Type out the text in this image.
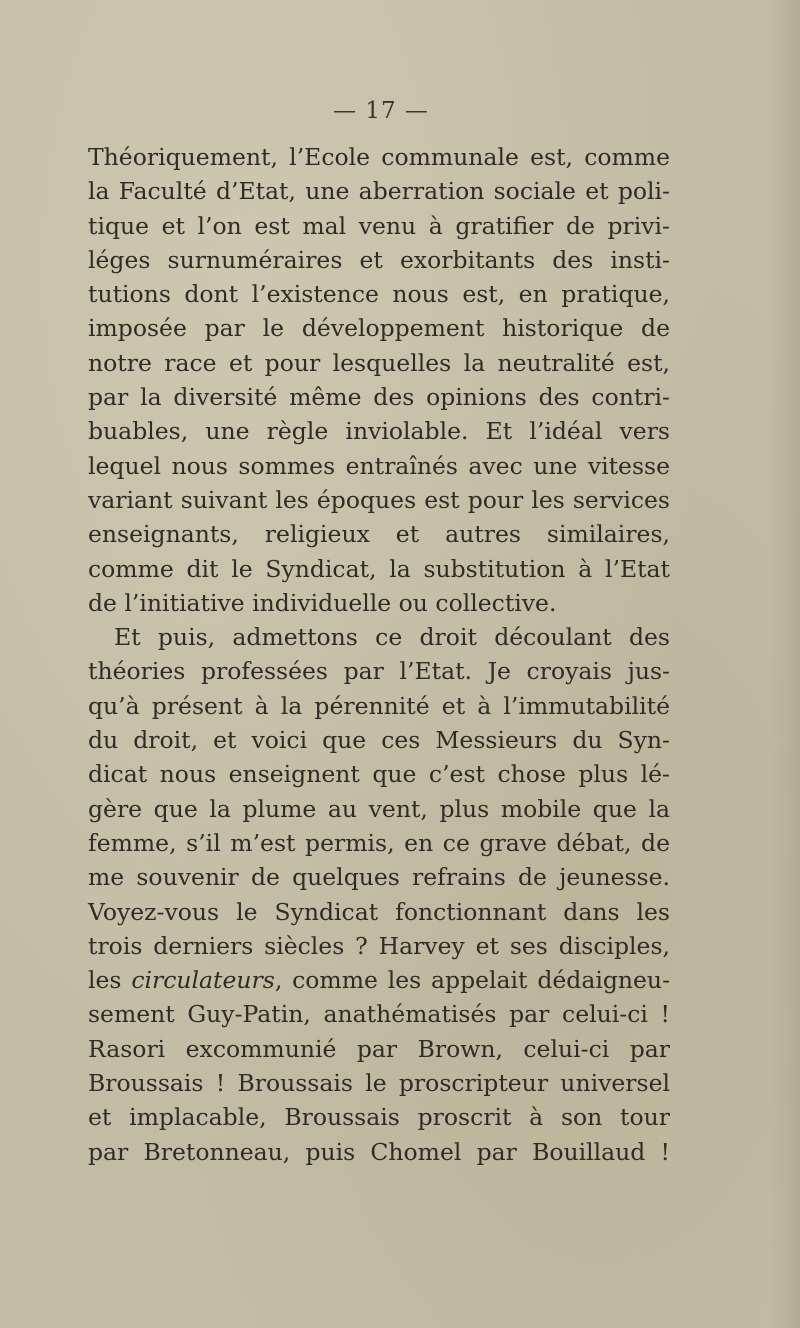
— 17 —
Théoriquement, l’Ecole communale est, comme
la Faculté d’Etat, une aberration sociale et poli-
tique et l’on est mal venu à gratifier de privi-
léges surnuméraires et exorbitants des insti-
tutions dont l’existence nous est, en pratique,
imposée par le développement historique de
notre race et pour lesquelles la neutralité est,
par la diversité même des opinions des contri-
buables, une règle inviolable. Et l’idéal vers
lequel nous sommes entraînés avec une vitesse
variant suivant les époques est pour les services
enseignants, religieux et autres similaires,
comme dit le Syndicat, la substitution à l’Etat
de l’initiative individuelle ou collective.
Et puis, admettons ce droit découlant des
théories professées par l’Etat. Je croyais jus-
qu’à présent à la pérennité et à l’immutabilité
du droit, et voici que ces Messieurs du Syn-
dicat nous enseignent que c’est chose plus lé-
gère que la plume au vent, plus mobile que la
femme, s’il m’est permis, en ce grave débat, de
me souvenir de quelques refrains de jeunesse.
Voyez-vous le Syndicat fonctionnant dans les
trois derniers siècles ? Harvey et ses disciples,
les circulateurs, comme les appelait dédaigneu-
sement Guy-Patin, anathématisés par celui-ci !
Rasori excommunié par Brown, celui-ci par
Broussais ! Broussais le proscripteur universel
et implacable, Broussais proscrit à son tour
par Bretonneau, puis Chomel par Bouillaud !
